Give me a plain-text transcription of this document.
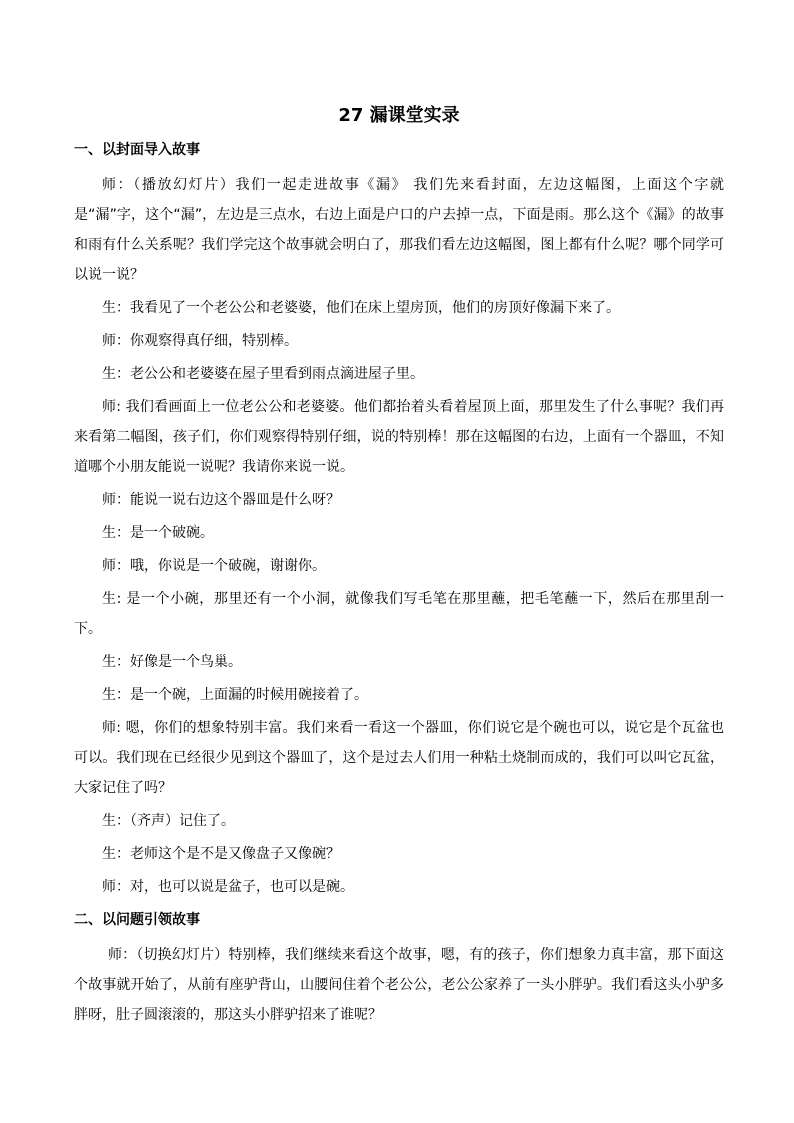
27 漏课堂实录
一、以封面导入故事

师：（播放幻灯片）我们一起走进故事《漏》 我们先来看封面，左边这幅图，上面这个字就是“漏”字，这个“漏”，左边是三点水，右边上面是户口的户去掉一点，下面是雨。那么这个《漏》的故事和雨有什么关系呢？我们学完这个故事就会明白了，那我们看左边这幅图，图上都有什么呢？哪个同学可以说一说？

生：我看见了一个老公公和老婆婆，他们在床上望房顶，他们的房顶好像漏下来了。

师：你观察得真仔细，特别棒。

生：老公公和老婆婆在屋子里看到雨点滴进屋子里。

师: 我们看画面上一位老公公和老婆婆。他们都抬着头看着屋顶上面，那里发生了什么事呢？我们再来看第二幅图，孩子们，你们观察得特别仔细，说的特别棒！那在这幅图的右边，上面有一个器皿，不知道哪个小朋友能说一说呢？我请你来说一说。

师：能说一说右边这个器皿是什么呀？

生：是一个破碗。

师：哦，你说是一个破碗，谢谢你。

生: 是一个小碗，那里还有一个小洞，就像我们写毛笔在那里蘸，把毛笔蘸一下，然后在那里刮一下。

生：好像是一个鸟巢。

生：是一个碗，上面漏的时候用碗接着了。

师: 嗯，你们的想象特别丰富。我们来看一看这一个器皿，你们说它是个碗也可以，说它是个瓦盆也可以。我们现在已经很少见到这个器皿了，这个是过去人们用一种粘土烧制而成的，我们可以叫它瓦盆，大家记住了吗？

生：（齐声）记住了。

生：老师这个是不是又像盘子又像碗？

师：对，也可以说是盆子，也可以是碗。

二、以问题引领故事

师：（切换幻灯片）特别棒，我们继续来看这个故事，嗯，有的孩子，你们想象力真丰富，那下面这个故事就开始了，从前有座驴背山，山腰间住着个老公公，老公公家养了一头小胖驴。我们看这头小驴多胖呀，肚子圆滚滚的，那这头小胖驴招来了谁呢？
